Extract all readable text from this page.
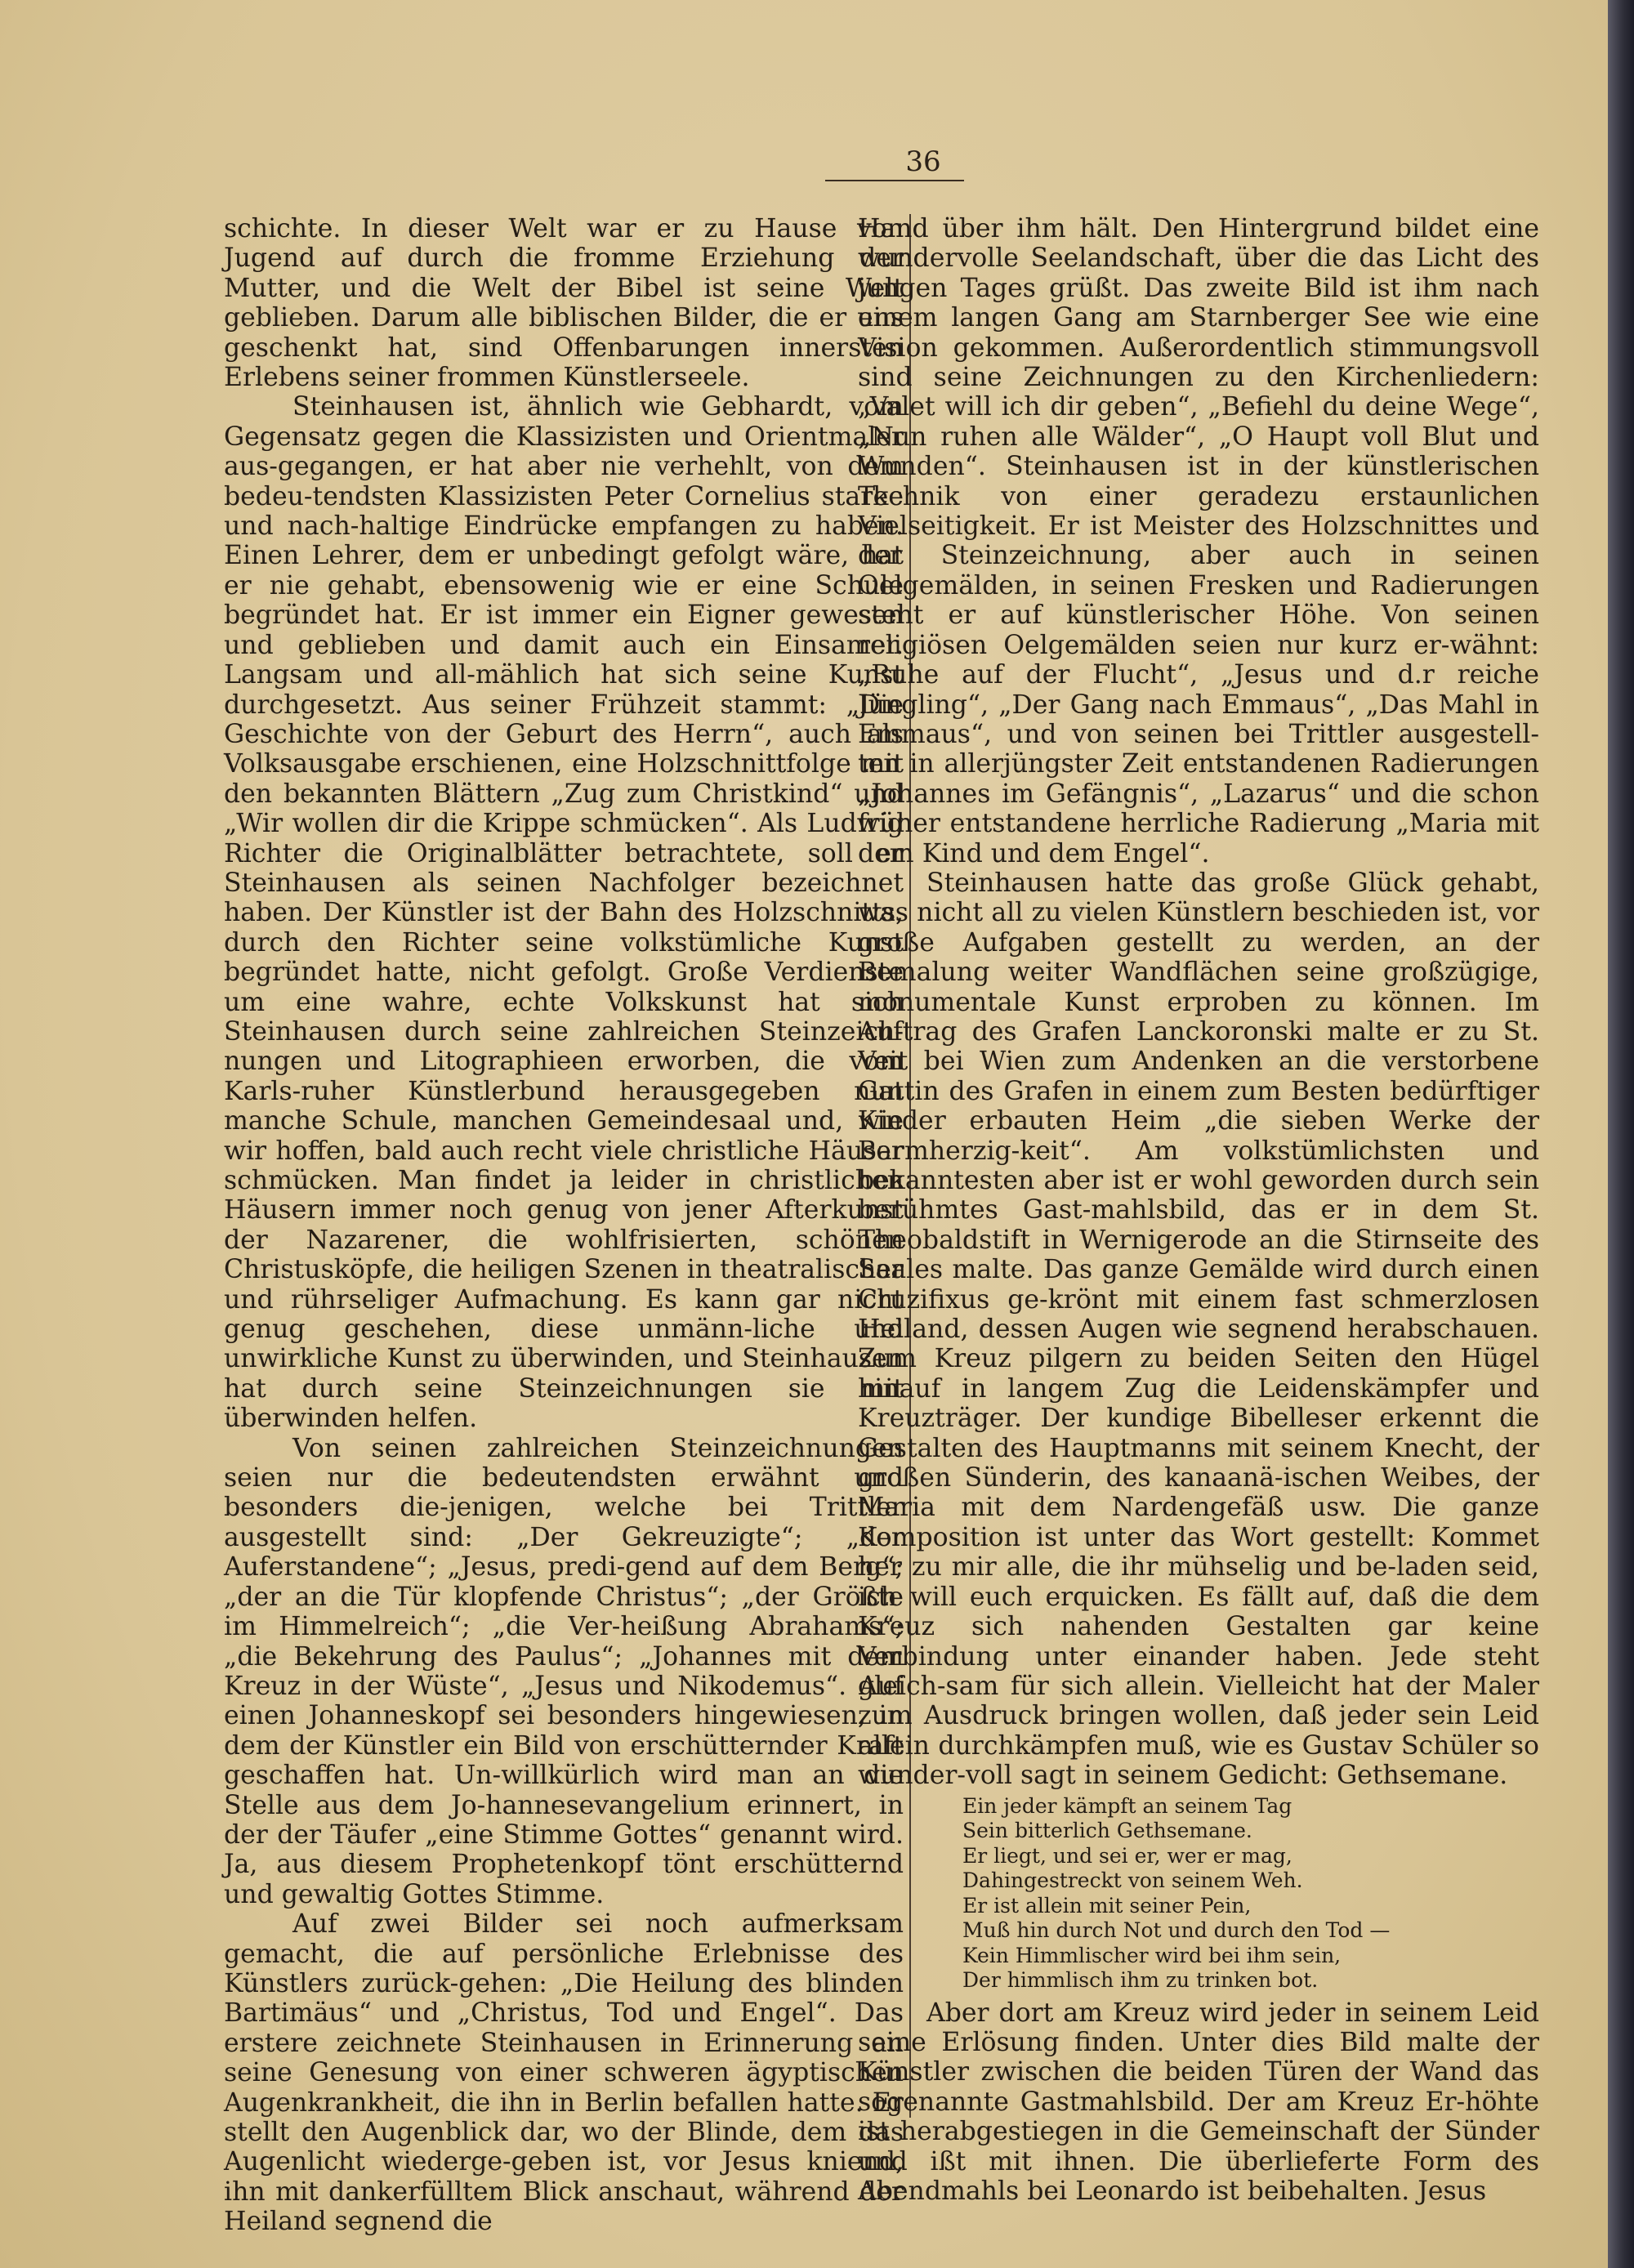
36

schichte. In dieser Welt war er zu Hause von Jugend auf durch die fromme Erziehung der Mutter, und die Welt der Bibel ist seine Welt geblieben. Darum alle biblischen Bilder, die er uns geschenkt hat, sind Offenbarungen innersten Erlebens seiner frommen Künstlerseele.

Steinhausen ist, ähnlich wie Gebhardt, vom Gegensatz gegen die Klassizisten und Orientmaler aus-gegangen, er hat aber nie verhehlt, von dem bedeu-tendsten Klassizisten Peter Cornelius starke und nach-haltige Eindrücke empfangen zu haben. Einen Lehrer, dem er unbedingt gefolgt wäre, hat er nie gehabt, ebensowenig wie er eine Schule begründet hat. Er ist immer ein Eigner gewesen und geblieben und damit auch ein Einsamer. Langsam und all-mählich hat sich seine Kunst durchgesetzt. Aus seiner Frühzeit stammt: „Die Geschichte von der Geburt des Herrn“, auch als Volksausgabe erschienen, eine Holzschnittfolge mit den bekannten Blättern „Zug zum Christkind“ und „Wir wollen dir die Krippe schmücken“. Als Ludwig Richter die Originalblätter betrachtete, soll er Steinhausen als seinen Nachfolger bezeichnet haben. Der Künstler ist der Bahn des Holzschnitts, durch den Richter seine volkstümliche Kunst begründet hatte, nicht gefolgt. Große Verdienste um eine wahre, echte Volkskunst hat sich Steinhausen durch seine zahlreichen Steinzeich-nungen und Litographieen erworben, die vom Karls-ruher Künstlerbund herausgegeben nun manche Schule, manchen Gemeindesaal und, wie wir hoffen, bald auch recht viele christliche Häuser schmücken. Man findet ja leider in christlichen Häusern immer noch genug von jener Afterkunst der Nazarener, die wohlfrisierten, schönen Christusköpfe, die heiligen Szenen in theatralischer und rührseliger Aufmachung. Es kann gar nicht genug geschehen, diese unmänn-liche und unwirkliche Kunst zu überwinden, und Steinhausen hat durch seine Steinzeichnungen sie mit überwinden helfen.

Von seinen zahlreichen Steinzeichnungen seien nur die bedeutendsten erwähnt und besonders die-jenigen, welche bei Trittler ausgestellt sind: „Der Gekreuzigte“; „der Auferstandene“; „Jesus, predi-gend auf dem Berg“; „der an die Tür klopfende Christus“; „der Größte im Himmelreich“; „die Ver-heißung Abrahams“; „die Bekehrung des Paulus“; „Johannes mit dem Kreuz in der Wüste“, „Jesus und Nikodemus“. Auf einen Johanneskopf sei besonders hingewiesen, in dem der Künstler ein Bild von erschütternder Kraft geschaffen hat. Un-willkürlich wird man an die Stelle aus dem Jo-hannesevangelium erinnert, in der der Täufer „eine Stimme Gottes“ genannt wird. Ja, aus diesem Prophetenkopf tönt erschütternd und gewaltig Gottes Stimme.

Auf zwei Bilder sei noch aufmerksam gemacht, die auf persönliche Erlebnisse des Künstlers zurück-gehen: „Die Heilung des blinden Bartimäus“ und „Christus, Tod und Engel“. Das erstere zeichnete Steinhausen in Erinnerung an seine Genesung von einer schweren ägyptischen Augenkrankheit, die ihn in Berlin befallen hatte. Er stellt den Augenblick dar, wo der Blinde, dem das Augenlicht wiederge-geben ist, vor Jesus kniend, ihn mit dankerfülltem Blick anschaut, während der Heiland segnend die

Hand über ihm hält. Den Hintergrund bildet eine wundervolle Seelandschaft, über die das Licht des jungen Tages grüßt. Das zweite Bild ist ihm nach einem langen Gang am Starnberger See wie eine Vision gekommen. Außerordentlich stimmungsvoll sind seine Zeichnungen zu den Kirchenliedern: „Valet will ich dir geben“, „Befiehl du deine Wege“, „Nun ruhen alle Wälder“, „O Haupt voll Blut und Wunden“. Steinhausen ist in der künstlerischen Technik von einer geradezu erstaunlichen Vielseitigkeit. Er ist Meister des Holzschnittes und der Steinzeichnung, aber auch in seinen Oelgemälden, in seinen Fresken und Radierungen steht er auf künstlerischer Höhe. Von seinen religiösen Oelgemälden seien nur kurz er-wähnt: „Ruhe auf der Flucht“, „Jesus und d.r reiche Jüngling“, „Der Gang nach Emmaus“, „Das Mahl in Emmaus“, und von seinen bei Trittler ausgestell-ten in allerjüngster Zeit entstandenen Radierungen „Johannes im Gefängnis“, „Lazarus“ und die schon früher entstandene herrliche Radierung „Maria mit dem Kind und dem Engel“.

Steinhausen hatte das große Glück gehabt, was nicht all zu vielen Künstlern beschieden ist, vor große Aufgaben gestellt zu werden, an der Bemalung weiter Wandflächen seine großzügige, monumentale Kunst erproben zu können. Im Auftrag des Grafen Lanckoronski malte er zu St. Veit bei Wien zum Andenken an die verstorbene Gattin des Grafen in einem zum Besten bedürftiger Kinder erbauten Heim „die sieben Werke der Barmherzig-keit“. Am volkstümlichsten und bekanntesten aber ist er wohl geworden durch sein berühmtes Gast-mahlsbild, das er in dem St. Theobaldstift in Wernigerode an die Stirnseite des Saales malte. Das ganze Gemälde wird durch einen Cruzifixus ge-krönt mit einem fast schmerzlosen Heiland, dessen Augen wie segnend herabschauen. Zum Kreuz pilgern zu beiden Seiten den Hügel hinauf in langem Zug die Leidenskämpfer und Kreuzträger. Der kundige Bibelleser erkennt die Gestalten des Hauptmanns mit seinem Knecht, der großen Sünderin, des kanaanä-ischen Weibes, der Maria mit dem Nardengefäß usw. Die ganze Komposition ist unter das Wort gestellt: Kommet her zu mir alle, die ihr mühselig und be-laden seid, ich will euch erquicken. Es fällt auf, daß die dem Kreuz sich nahenden Gestalten gar keine Verbindung unter einander haben. Jede steht gleich-sam für sich allein. Vielleicht hat der Maler zum Ausdruck bringen wollen, daß jeder sein Leid allein durchkämpfen muß, wie es Gustav Schüler so wunder-voll sagt in seinem Gedicht: Gethsemane.

Ein jeder kämpft an seinem Tag
Sein bitterlich Gethsemane.
Er liegt, und sei er, wer er mag,
Dahingestreckt von seinem Weh.
Er ist allein mit seiner Pein,
Muß hin durch Not und durch den Tod —
Kein Himmlischer wird bei ihm sein,
Der himmlisch ihm zu trinken bot.

Aber dort am Kreuz wird jeder in seinem Leid seine Erlösung finden. Unter dies Bild malte der Künstler zwischen die beiden Türen der Wand das sogenannte Gastmahlsbild. Der am Kreuz Er-höhte ist herabgestiegen in die Gemeinschaft der Sünder und ißt mit ihnen. Die überlieferte Form des Abendmahls bei Leonardo ist beibehalten. Jesus
